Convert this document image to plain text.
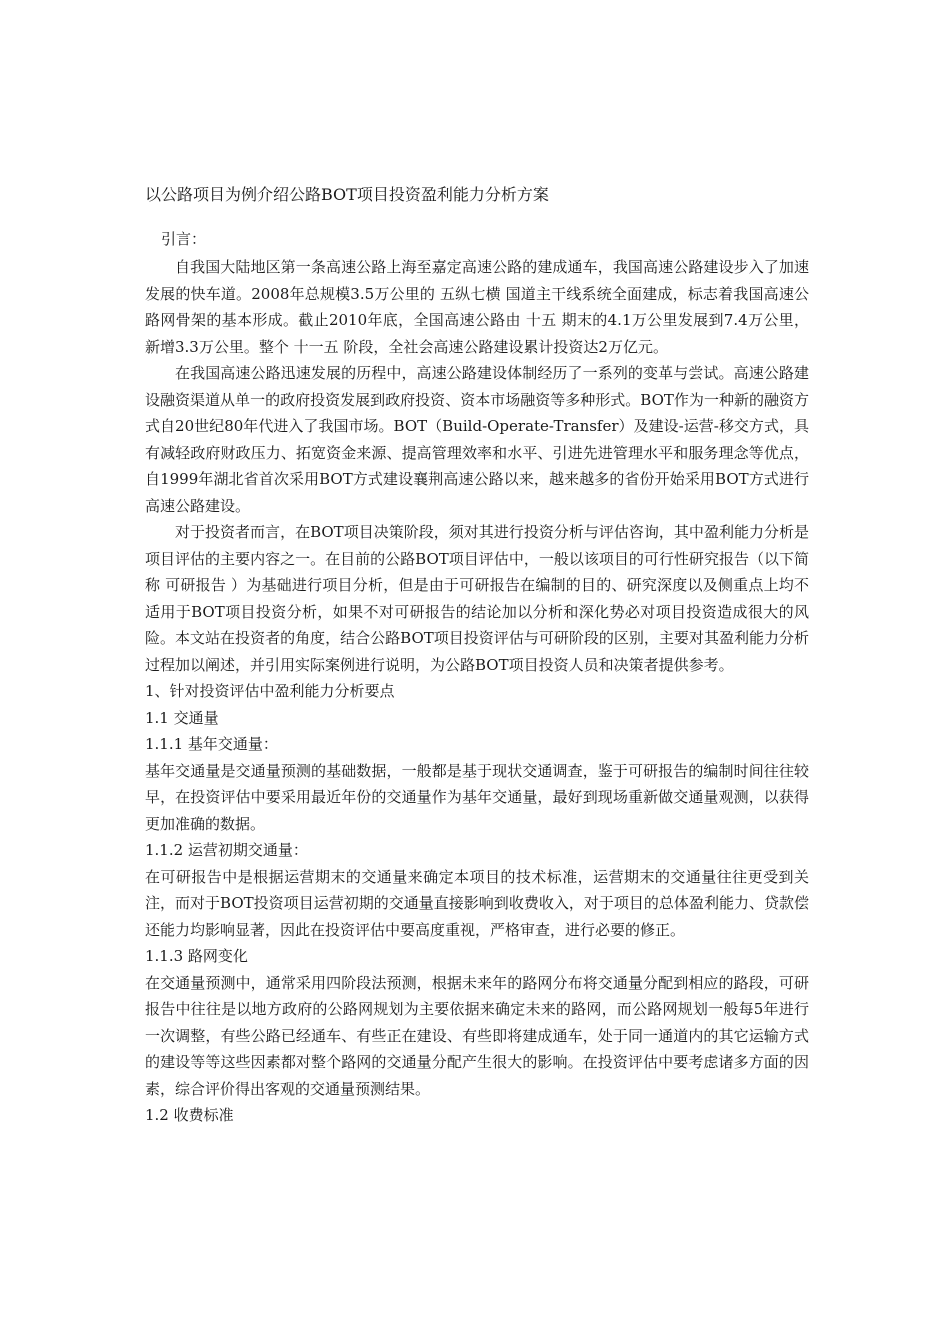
以公路项目为例介绍公路BOT项目投资盈利能力分析方案
引言：

自我国大陆地区第一条高速公路上海至嘉定高速公路的建成通车，我国高速公路建设步入了加速发展的快车道。2008年总规模3.5万公里的 五纵七横 国道主干线系统全面建成，标志着我国高速公路网骨架的基本形成。截止2010年底，全国高速公路由 十五 期末的4.1万公里发展到7.4万公里，新增3.3万公里。整个 十一五 阶段，全社会高速公路建设累计投资达2万亿元。

在我国高速公路迅速发展的历程中，高速公路建设体制经历了一系列的变革与尝试。高速公路建设融资渠道从单一的政府投资发展到政府投资、资本市场融资等多种形式。BOT作为一种新的融资方式自20世纪80年代进入了我国市场。BOT（Build-Operate-Transfer）及建设-运营-移交方式，具有减轻政府财政压力、拓宽资金来源、提高管理效率和水平、引进先进管理水平和服务理念等优点，自1999年湖北省首次采用BOT方式建设襄荆高速公路以来，越来越多的省份开始采用BOT方式进行高速公路建设。

对于投资者而言，在BOT项目决策阶段，须对其进行投资分析与评估咨询，其中盈利能力分析是项目评估的主要内容之一。在目前的公路BOT项目评估中，一般以该项目的可行性研究报告（以下简称 可研报告 ）为基础进行项目分析，但是由于可研报告在编制的目的、研究深度以及侧重点上均不适用于BOT项目投资分析，如果不对可研报告的结论加以分析和深化势必对项目投资造成很大的风险。本文站在投资者的角度，结合公路BOT项目投资评估与可研阶段的区别，主要对其盈利能力分析过程加以阐述，并引用实际案例进行说明，为公路BOT项目投资人员和决策者提供参考。

1、针对投资评估中盈利能力分析要点
1.1 交通量
1.1.1 基年交通量：

基年交通量是交通量预测的基础数据，一般都是基于现状交通调查，鉴于可研报告的编制时间往往较早，在投资评估中要采用最近年份的交通量作为基年交通量，最好到现场重新做交通量观测，以获得更加准确的数据。

1.1.2 运营初期交通量：

在可研报告中是根据运营期末的交通量来确定本项目的技术标准，运营期末的交通量往往更受到关注，而对于BOT投资项目运营初期的交通量直接影响到收费收入，对于项目的总体盈利能力、贷款偿还能力均影响显著，因此在投资评估中要高度重视，严格审查，进行必要的修正。

1.1.3 路网变化

在交通量预测中，通常采用四阶段法预测，根据未来年的路网分布将交通量分配到相应的路段，可研报告中往往是以地方政府的公路网规划为主要依据来确定未来的路网，而公路网规划一般每5年进行一次调整，有些公路已经通车、有些正在建设、有些即将建成通车，处于同一通道内的其它运输方式的建设等等这些因素都对整个路网的交通量分配产生很大的影响。在投资评估中要考虑诸多方面的因素，综合评价得出客观的交通量预测结果。

1.2 收费标准
